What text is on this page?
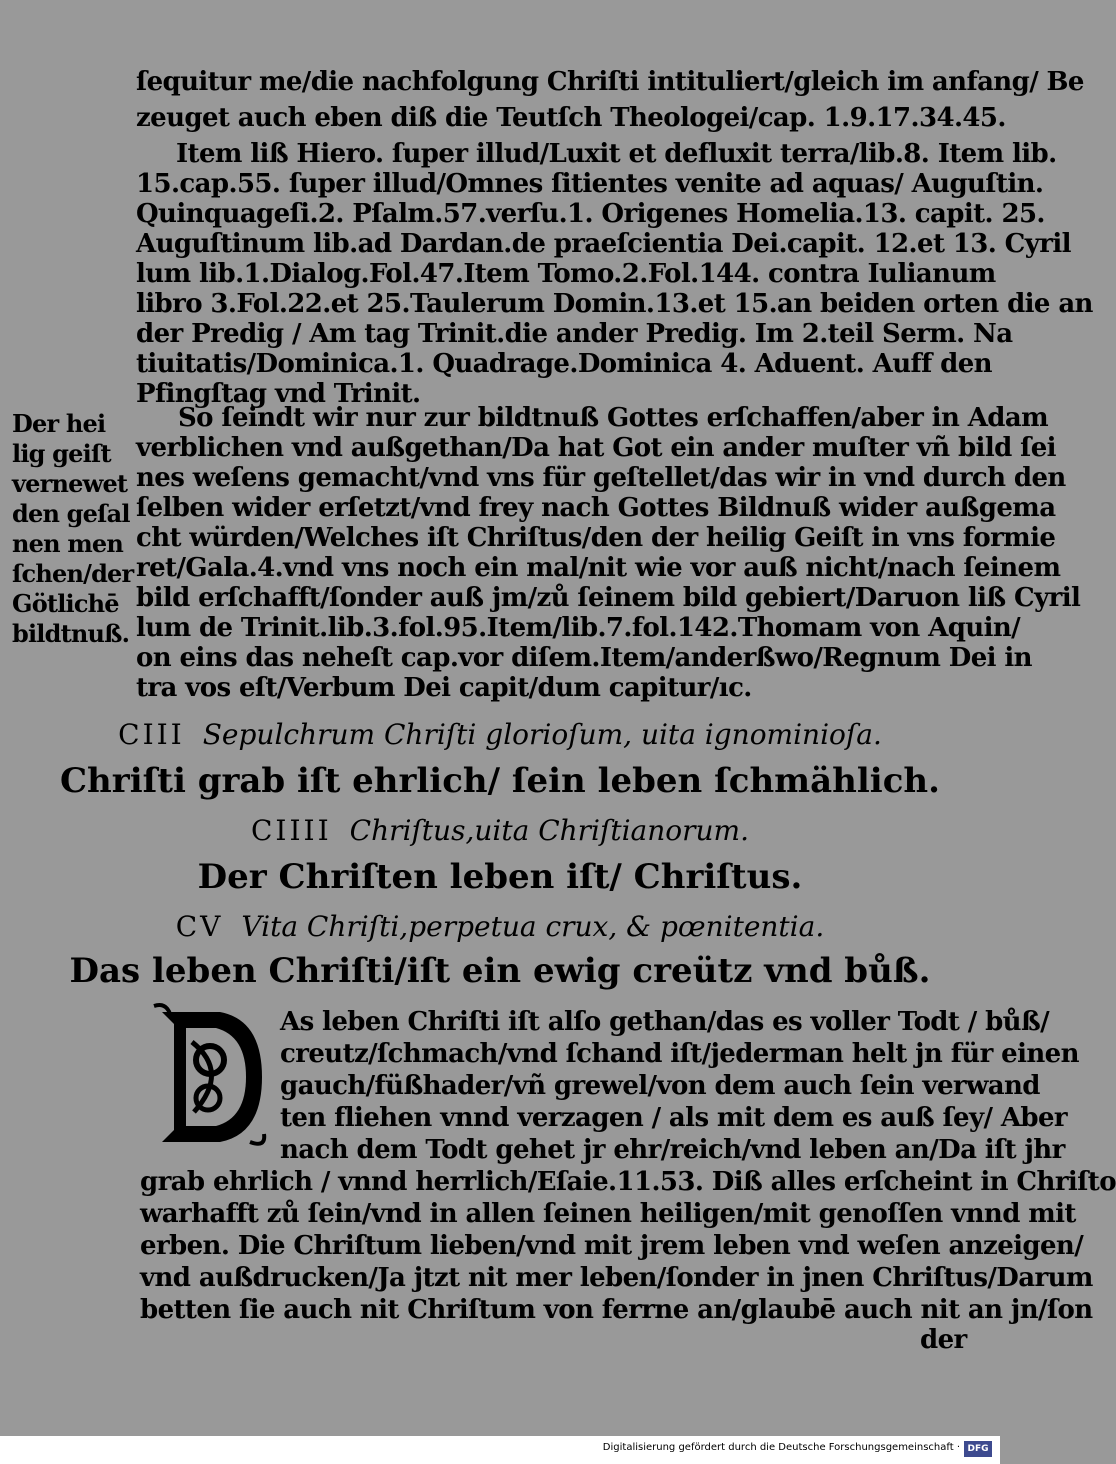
ſequitur me/die nachfolgung Chriſti intituliert/gleich im anfang/ Be
zeuget auch eben diß die Teutſch Theologei/cap. 1.9.17.34.45.
Item liß Hiero. ſuper illud/Luxit et defluxit terra/lib.8. Item lib.
15.cap.55. ſuper illud/Omnes ſitientes venite ad aquas/ Auguſtin.
Quinquageſi.2. Pſalm.57.verſu.1. Origenes Homelia.13. capit. 25.
Auguſtinum lib.ad Dardan.de praeſcientia Dei.capit. 12.et 13. Cyril
lum lib.1.Dialog.Fol.47.Item Tomo.2.Fol.144. contra Iulianum
libro 3.Fol.22.et 25.Taulerum Domin.13.et 15.an beiden orten die an
der Predig / Am tag Trinit.die ander Predig. Im 2.teil Serm. Na
tiuitatis/Dominica.1. Quadrage.Dominica 4. Aduent. Auff den
Pfingſtag vnd Trinit.
Der hei
lig geiſt
vernewet
den geſal
nen men
ſchen/der
Götlichē
bildtnuß.
So ſeindt wir nur zur bildtnuß Gottes erſchaffen/aber in Adam
verblichen vnd außgethan/Da hat Got ein ander muſter vñ bild ſei
nes weſens gemacht/vnd vns für geſtellet/das wir in vnd durch den
ſelben wider erſetzt/vnd frey nach Gottes Bildnuß wider außgema
cht würden/Welches iſt Chriſtus/den der heilig Geiſt in vns formie
ret/Gala.4.vnd vns noch ein mal/nit wie vor auß nicht/nach ſeinem
bild erſchafft/ſonder auß jm/zů ſeinem bild gebiert/Daruon liß Cyril
lum de Trinit.lib.3.fol.95.Item/lib.7.fol.142.Thomam von Aquin/
on eins das neheſt cap.vor diſem.Item/anderßwo/Regnum Dei in
tra vos eſt/Verbum Dei capit/dum capitur/ıc.
CIII Sepulchrum Chriſti glorioſum, uita ignominioſa.
Chriſti grab iſt ehrlich/ ſein leben ſchmählich.
CIIII Chriſtus,uita Chriſtianorum.
Der Chriſten leben iſt/ Chriſtus.
CV Vita Chriſti,perpetua crux, & pœnitentia.
Das leben Chriſti/iſt ein ewig creütz vnd bůß.
As leben Chriſti iſt alſo gethan/das es voller Todt / bůß/
creutz/ſchmach/vnd ſchand iſt/jederman helt jn für einen
gauch/füßhader/vñ grewel/von dem auch ſein verwand
ten fliehen vnnd verzagen / als mit dem es auß ſey/ Aber
nach dem Todt gehet jr ehr/reich/vnd leben an/Da iſt jhr
grab ehrlich / vnnd herrlich/Eſaie.11.53. Diß alles erſcheint in Chriſto
warhafft zů ſein/vnd in allen ſeinen heiligen/mit genoſſen vnnd mit
erben. Die Chriſtum lieben/vnd mit jrem leben vnd weſen anzeigen/
vnd außdrucken/Ja jtzt nit mer leben/ſonder in jnen Chriſtus/Darum
betten ſie auch nit Chriſtum von ferrne an/glaubē auch nit an jn/ſon
der
Digitalisierung gefördert durch die Deutsche Forschungsgemeinschaft · DFG
